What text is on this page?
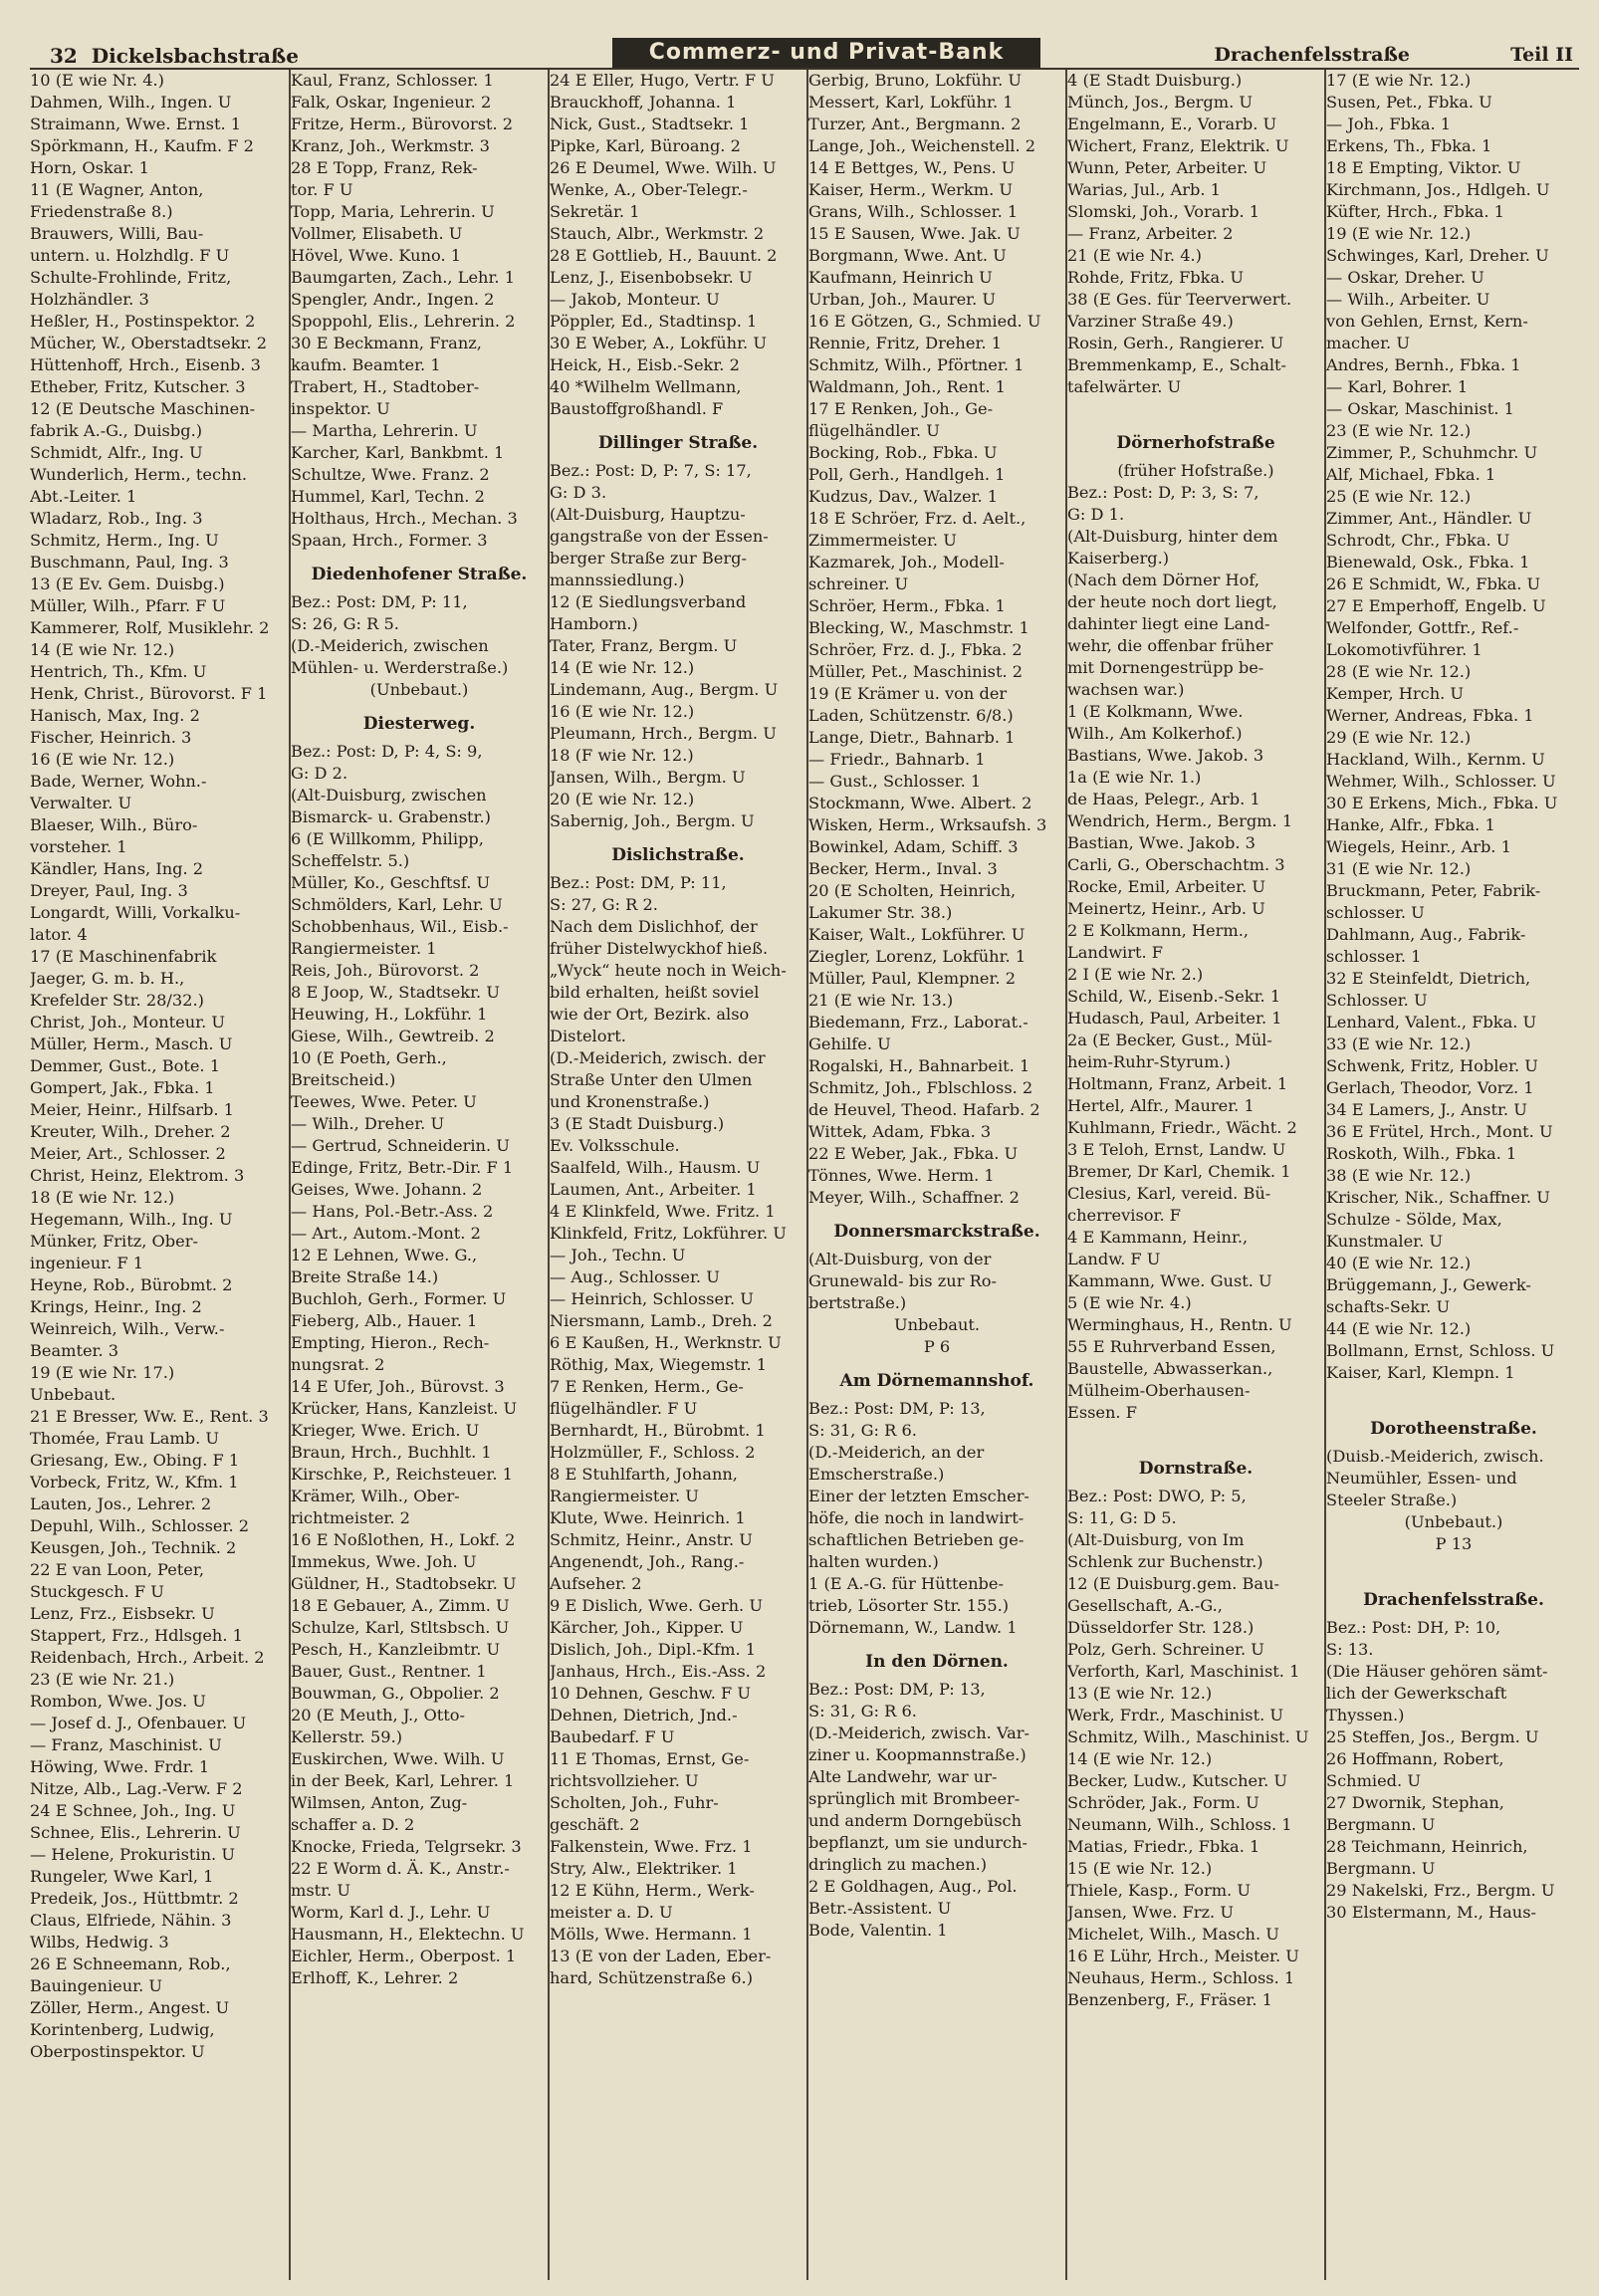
32 Dickelsbachstraße	Commerz- und Privat-Bank	Drachenfelsstraße	Teil II
10 (E wie Nr. 4.)
Dahmen, Wilh., Ingen. U
Straimann, Wwe. Ernst. 1
Spörkmann, H., Kaufm. F 2
Horn, Oskar. 1
11 (E Wagner, Anton,
Friedenstraße 8.)
Brauwers, Willi, Bau-
untern. u. Holzhdlg. F U
Schulte-Frohlinde, Fritz,
Holzhändler. 3
Heßler, H., Postinspektor. 2
Mücher, W., Oberstadtsekr. 2
Hüttenhoff, Hrch., Eisenb. 3
Etheber, Fritz, Kutscher. 3
12 (E Deutsche Maschinen-
fabrik A.-G., Duisbg.)
Schmidt, Alfr., Ing. U
Wunderlich, Herm., techn.
Abt.-Leiter. 1
Wladarz, Rob., Ing. 3
Schmitz, Herm., Ing. U
Buschmann, Paul, Ing. 3
13 (E Ev. Gem. Duisbg.)
Müller, Wilh., Pfarr. F U
Kammerer, Rolf, Musiklehr. 2
14 (E wie Nr. 12.)
Hentrich, Th., Kfm. U
Henk, Christ., Bürovorst. F 1
Hanisch, Max, Ing. 2
Fischer, Heinrich. 3
16 (E wie Nr. 12.)
Bade, Werner, Wohn.-
Verwalter. U
Blaeser, Wilh., Büro-
vorsteher. 1
Kändler, Hans, Ing. 2
Dreyer, Paul, Ing. 3
Longardt, Willi, Vorkalku-
lator. 4
17 (E Maschinenfabrik
Jaeger, G. m. b. H.,
Krefelder Str. 28/32.)
Christ, Joh., Monteur. U
Müller, Herm., Masch. U
Demmer, Gust., Bote. 1
Gompert, Jak., Fbka. 1
Meier, Heinr., Hilfsarb. 1
Kreuter, Wilh., Dreher. 2
Meier, Art., Schlosser. 2
Christ, Heinz, Elektrom. 3
18 (E wie Nr. 12.)
Hegemann, Wilh., Ing. U
Münker, Fritz, Ober-
ingenieur. F 1
Heyne, Rob., Bürobmt. 2
Krings, Heinr., Ing. 2
Weinreich, Wilh., Verw.-
Beamter. 3
19 (E wie Nr. 17.)
Unbebaut.
21 E Bresser, Ww. E., Rent. 3
Thomée, Frau Lamb. U
Griesang, Ew., Obing. F 1
Vorbeck, Fritz, W., Kfm. 1
Lauten, Jos., Lehrer. 2
Depuhl, Wilh., Schlosser. 2
Keusgen, Joh., Technik. 2
22 E van Loon, Peter,
Stuckgesch. F U
Lenz, Frz., Eisbsekr. U
Stappert, Frz., Hdlsgeh. 1
Reidenbach, Hrch., Arbeit. 2
23 (E wie Nr. 21.)
Rombon, Wwe. Jos. U
— Josef d. J., Ofenbauer. U
— Franz, Maschinist. U
Höwing, Wwe. Frdr. 1
Nitze, Alb., Lag.-Verw. F 2
24 E Schnee, Joh., Ing. U
Schnee, Elis., Lehrerin. U
— Helene, Prokuristin. U
Rungeler, Wwe Karl, 1
Predeik, Jos., Hüttbmtr. 2
Claus, Elfriede, Nähin. 3
Wilbs, Hedwig. 3
26 E Schneemann, Rob.,
Bauingenieur. U
Zöller, Herm., Angest. U
Korintenberg, Ludwig,
Oberpostinspektor. U
Kaul, Franz, Schlosser. 1
Falk, Oskar, Ingenieur. 2
Fritze, Herm., Bürovorst. 2
Kranz, Joh., Werkmstr. 3
28 E Topp, Franz, Rek-
tor. F U
Topp, Maria, Lehrerin. U
Vollmer, Elisabeth. U
Hövel, Wwe. Kuno. 1
Baumgarten, Zach., Lehr. 1
Spengler, Andr., Ingen. 2
Spoppohl, Elis., Lehrerin. 2
30 E Beckmann, Franz,
kaufm. Beamter. 1
Trabert, H., Stadtober-
inspektor. U
— Martha, Lehrerin. U
Karcher, Karl, Bankbmt. 1
Schultze, Wwe. Franz. 2
Hummel, Karl, Techn. 2
Holthaus, Hrch., Mechan. 3
Spaan, Hrch., Former. 3
Diedenhofener Straße.
Bez.: Post: DM, P: 11,
S: 26, G: R 5.
(D.-Meiderich, zwischen
Mühlen- u. Werderstraße.)
(Unbebaut.)
Diesterweg.
Bez.: Post: D, P: 4, S: 9,
G: D 2.
(Alt-Duisburg, zwischen
Bismarck- u. Grabenstr.)
6 (E Willkomm, Philipp,
Scheffelstr. 5.)
Müller, Ko., Geschftsf. U
Schmölders, Karl, Lehr. U
Schobbenhaus, Wil., Eisb.-
Rangiermeister. 1
Reis, Joh., Bürovorst. 2
8 E Joop, W., Stadtsekr. U
Heuwing, H., Lokführ. 1
Giese, Wilh., Gewtreib. 2
10 (E Poeth, Gerh.,
Breitscheid.)
Teewes, Wwe. Peter. U
— Wilh., Dreher. U
— Gertrud, Schneiderin. U
Edinge, Fritz, Betr.-Dir. F 1
Geises, Wwe. Johann. 2
— Hans, Pol.-Betr.-Ass. 2
— Art., Autom.-Mont. 2
12 E Lehnen, Wwe. G.,
Breite Straße 14.)
Buchloh, Gerh., Former. U
Fieberg, Alb., Hauer. 1
Empting, Hieron., Rech-
nungsrat. 2
14 E Ufer, Joh., Bürovst. 3
Krücker, Hans, Kanzleist. U
Krieger, Wwe. Erich. U
Braun, Hrch., Buchhlt. 1
Kirschke, P., Reichsteuer. 1
Krämer, Wilh., Ober-
richtmeister. 2
16 E Noßlothen, H., Lokf. 2
Immekus, Wwe. Joh. U
Güldner, H., Stadtobsekr. U
18 E Gebauer, A., Zimm. U
Schulze, Karl, Stltsbsch. U
Pesch, H., Kanzleibmtr. U
Bauer, Gust., Rentner. 1
Bouwman, G., Obpolier. 2
20 (E Meuth, J., Otto-
Kellerstr. 59.)
Euskirchen, Wwe. Wilh. U
in der Beek, Karl, Lehrer. 1
Wilmsen, Anton, Zug-
schaffer a. D. 2
Knocke, Frieda, Telgrsekr. 3
22 E Worm d. Ä. K., Anstr.-
mstr. U
Worm, Karl d. J., Lehr. U
Hausmann, H., Elektechn. U
Eichler, Herm., Oberpost. 1
Erlhoff, K., Lehrer. 2
24 E Eller, Hugo, Vertr. F U
Brauckhoff, Johanna. 1
Nick, Gust., Stadtsekr. 1
Pipke, Karl, Büroang. 2
26 E Deumel, Wwe. Wilh. U
Wenke, A., Ober-Telegr.-
Sekretär. 1
Stauch, Albr., Werkmstr. 2
28 E Gottlieb, H., Bauunt. 2
Lenz, J., Eisenbobsekr. U
— Jakob, Monteur. U
Pöppler, Ed., Stadtinsp. 1
30 E Weber, A., Lokführ. U
Heick, H., Eisb.-Sekr. 2
40 *Wilhelm Wellmann,
Baustoffgroßhandl. F
Dillinger Straße.
Bez.: Post: D, P: 7, S: 17,
G: D 3.
(Alt-Duisburg, Hauptzu-
gangstraße von der Essen-
berger Straße zur Berg-
mannssiedlung.)
12 (E Siedlungsverband
Hamborn.)
Tater, Franz, Bergm. U
14 (E wie Nr. 12.)
Lindemann, Aug., Bergm. U
16 (E wie Nr. 12.)
Pleumann, Hrch., Bergm. U
18 (F wie Nr. 12.)
Jansen, Wilh., Bergm. U
20 (E wie Nr. 12.)
Sabernig, Joh., Bergm. U
Dislichstraße.
Bez.: Post: DM, P: 11,
S: 27, G: R 2.
Nach dem Dislichhof, der
früher Distelwyckhof hieß.
„Wyck“ heute noch in Weich-
bild erhalten, heißt soviel
wie der Ort, Bezirk. also
Distelort.
(D.-Meiderich, zwisch. der
Straße Unter den Ulmen
und Kronenstraße.)
3 (E Stadt Duisburg.)
Ev. Volksschule.
Saalfeld, Wilh., Hausm. U
Laumen, Ant., Arbeiter. 1
4 E Klinkfeld, Wwe. Fritz. 1
Klinkfeld, Fritz, Lokführer. U
— Joh., Techn. U
— Aug., Schlosser. U
— Heinrich, Schlosser. U
Niersmann, Lamb., Dreh. 2
6 E Kaußen, H., Werknstr. U
Röthig, Max, Wiegemstr. 1
7 E Renken, Herm., Ge-
flügelhändler. F U
Bernhardt, H., Bürobmt. 1
Holzmüller, F., Schloss. 2
8 E Stuhlfarth, Johann,
Rangiermeister. U
Klute, Wwe. Heinrich. 1
Schmitz, Heinr., Anstr. U
Angenendt, Joh., Rang.-
Aufseher. 2
9 E Dislich, Wwe. Gerh. U
Kärcher, Joh., Kipper. U
Dislich, Joh., Dipl.-Kfm. 1
Janhaus, Hrch., Eis.-Ass. 2
10 Dehnen, Geschw. F U
Dehnen, Dietrich, Jnd.-
Baubedarf. F U
11 E Thomas, Ernst, Ge-
richtsvollzieher. U
Scholten, Joh., Fuhr-
geschäft. 2
Falkenstein, Wwe. Frz. 1
Stry, Alw., Elektriker. 1
12 E Kühn, Herm., Werk-
meister a. D. U
Mölls, Wwe. Hermann. 1
13 (E von der Laden, Eber-
hard, Schützenstraße 6.)
Gerbig, Bruno, Lokführ. U
Messert, Karl, Lokführ. 1
Turzer, Ant., Bergmann. 2
Lange, Joh., Weichenstell. 2
14 E Bettges, W., Pens. U
Kaiser, Herm., Werkm. U
Grans, Wilh., Schlosser. 1
15 E Sausen, Wwe. Jak. U
Borgmann, Wwe. Ant. U
Kaufmann, Heinrich U
Urban, Joh., Maurer. U
16 E Götzen, G., Schmied. U
Rennie, Fritz, Dreher. 1
Schmitz, Wilh., Pförtner. 1
Waldmann, Joh., Rent. 1
17 E Renken, Joh., Ge-
flügelhändler. U
Bocking, Rob., Fbka. U
Poll, Gerh., Handlgeh. 1
Kudzus, Dav., Walzer. 1
18 E Schröer, Frz. d. Aelt.,
Zimmermeister. U
Kazmarek, Joh., Modell-
schreiner. U
Schröer, Herm., Fbka. 1
Blecking, W., Maschmstr. 1
Schröer, Frz. d. J., Fbka. 2
Müller, Pet., Maschinist. 2
19 (E Krämer u. von der
Laden, Schützenstr. 6/8.)
Lange, Dietr., Bahnarb. 1
— Friedr., Bahnarb. 1
— Gust., Schlosser. 1
Stockmann, Wwe. Albert. 2
Wisken, Herm., Wrksaufsh. 3
Bowinkel, Adam, Schiff. 3
Becker, Herm., Inval. 3
20 (E Scholten, Heinrich,
Lakumer Str. 38.)
Kaiser, Walt., Lokführer. U
Ziegler, Lorenz, Lokführ. 1
Müller, Paul, Klempner. 2
21 (E wie Nr. 13.)
Biedemann, Frz., Laborat.-
Gehilfe. U
Rogalski, H., Bahnarbeit. 1
Schmitz, Joh., Fblschloss. 2
de Heuvel, Theod. Hafarb. 2
Wittek, Adam, Fbka. 3
22 E Weber, Jak., Fbka. U
Tönnes, Wwe. Herm. 1
Meyer, Wilh., Schaffner. 2
Donnersmarckstraße.
(Alt-Duisburg, von der
Grunewald- bis zur Ro-
bertstraße.)
Unbebaut.
P 6
Am Dörnemannshof.
Bez.: Post: DM, P: 13,
S: 31, G: R 6.
(D.-Meiderich, an der
Emscherstraße.)
Einer der letzten Emscher-
höfe, die noch in landwirt-
schaftlichen Betrieben ge-
halten wurden.)
1 (E A.-G. für Hüttenbe-
trieb, Lösorter Str. 155.)
Dörnemann, W., Landw. 1
In den Dörnen.
Bez.: Post: DM, P: 13,
S: 31, G: R 6.
(D.-Meiderich, zwisch. Var-
ziner u. Koopmannstraße.)
Alte Landwehr, war ur-
sprünglich mit Brombeer-
und anderm Dorngebüsch
bepflanzt, um sie undurch-
dringlich zu machen.)
2 E Goldhagen, Aug., Pol.
Betr.-Assistent. U
Bode, Valentin. 1
4 (E Stadt Duisburg.)
Münch, Jos., Bergm. U
Engelmann, E., Vorarb. U
Wichert, Franz, Elektrik. U
Wunn, Peter, Arbeiter. U
Warias, Jul., Arb. 1
Slomski, Joh., Vorarb. 1
— Franz, Arbeiter. 2
21 (E wie Nr. 4.)
Rohde, Fritz, Fbka. U
38 (E Ges. für Teerverwert.
Varziner Straße 49.)
Rosin, Gerh., Rangierer. U
Bremmenkamp, E., Schalt-
tafelwärter. U
Dörnerhofstraße
(früher Hofstraße.)
Bez.: Post: D, P: 3, S: 7,
G: D 1.
(Alt-Duisburg, hinter dem
Kaiserberg.)
(Nach dem Dörner Hof,
der heute noch dort liegt,
dahinter liegt eine Land-
wehr, die offenbar früher
mit Dornengestrüpp be-
wachsen war.)
1 (E Kolkmann, Wwe.
Wilh., Am Kolkerhof.)
Bastians, Wwe. Jakob. 3
1a (E wie Nr. 1.)
de Haas, Pelegr., Arb. 1
Wendrich, Herm., Bergm. 1
Bastian, Wwe. Jakob. 3
Carli, G., Oberschachtm. 3
Rocke, Emil, Arbeiter. U
Meinertz, Heinr., Arb. U
2 E Kolkmann, Herm.,
Landwirt. F
2 I (E wie Nr. 2.)
Schild, W., Eisenb.-Sekr. 1
Hudasch, Paul, Arbeiter. 1
2a (E Becker, Gust., Mül-
heim-Ruhr-Styrum.)
Holtmann, Franz, Arbeit. 1
Hertel, Alfr., Maurer. 1
Kuhlmann, Friedr., Wächt. 2
3 E Teloh, Ernst, Landw. U
Bremer, Dr Karl, Chemik. 1
Clesius, Karl, vereid. Bü-
cherrevisor. F
4 E Kammann, Heinr.,
Landw. F U
Kammann, Wwe. Gust. U
5 (E wie Nr. 4.)
Werminghaus, H., Rentn. U
55 E Ruhrverband Essen,
Baustelle, Abwasserkan.,
Mülheim-Oberhausen-
Essen. F
Dornstraße.
Bez.: Post: DWO, P: 5,
S: 11, G: D 5.
(Alt-Duisburg, von Im
Schlenk zur Buchenstr.)
12 (E Duisburg.gem. Bau-
Gesellschaft, A.-G.,
Düsseldorfer Str. 128.)
Polz, Gerh. Schreiner. U
Verforth, Karl, Maschinist. 1
13 (E wie Nr. 12.)
Werk, Frdr., Maschinist. U
Schmitz, Wilh., Maschinist. U
14 (E wie Nr. 12.)
Becker, Ludw., Kutscher. U
Schröder, Jak., Form. U
Neumann, Wilh., Schloss. 1
Matias, Friedr., Fbka. 1
15 (E wie Nr. 12.)
Thiele, Kasp., Form. U
Jansen, Wwe. Frz. U
Michelet, Wilh., Masch. U
16 E Lühr, Hrch., Meister. U
Neuhaus, Herm., Schloss. 1
Benzenberg, F., Fräser. 1
17 (E wie Nr. 12.)
Susen, Pet., Fbka. U
— Joh., Fbka. 1
Erkens, Th., Fbka. 1
18 E Empting, Viktor. U
Kirchmann, Jos., Hdlgeh. U
Küfter, Hrch., Fbka. 1
19 (E wie Nr. 12.)
Schwinges, Karl, Dreher. U
— Oskar, Dreher. U
— Wilh., Arbeiter. U
von Gehlen, Ernst, Kern-
macher. U
Andres, Bernh., Fbka. 1
— Karl, Bohrer. 1
— Oskar, Maschinist. 1
23 (E wie Nr. 12.)
Zimmer, P., Schuhmchr. U
Alf, Michael, Fbka. 1
25 (E wie Nr. 12.)
Zimmer, Ant., Händler. U
Schrodt, Chr., Fbka. U
Bienewald, Osk., Fbka. 1
26 E Schmidt, W., Fbka. U
27 E Emperhoff, Engelb. U
Welfonder, Gottfr., Ref.-
Lokomotivführer. 1
28 (E wie Nr. 12.)
Kemper, Hrch. U
Werner, Andreas, Fbka. 1
29 (E wie Nr. 12.)
Hackland, Wilh., Kernm. U
Wehmer, Wilh., Schlosser. U
30 E Erkens, Mich., Fbka. U
Hanke, Alfr., Fbka. 1
Wiegels, Heinr., Arb. 1
31 (E wie Nr. 12.)
Bruckmann, Peter, Fabrik-
schlosser. U
Dahlmann, Aug., Fabrik-
schlosser. 1
32 E Steinfeldt, Dietrich,
Schlosser. U
Lenhard, Valent., Fbka. U
33 (E wie Nr. 12.)
Schwenk, Fritz, Hobler. U
Gerlach, Theodor, Vorz. 1
34 E Lamers, J., Anstr. U
36 E Frütel, Hrch., Mont. U
Roskoth, Wilh., Fbka. 1
38 (E wie Nr. 12.)
Krischer, Nik., Schaffner. U
Schulze - Sölde, Max,
Kunstmaler. U
40 (E wie Nr. 12.)
Brüggemann, J., Gewerk-
schafts-Sekr. U
44 (E wie Nr. 12.)
Bollmann, Ernst, Schloss. U
Kaiser, Karl, Klempn. 1
Dorotheenstraße.
(Duisb.-Meiderich, zwisch.
Neumühler, Essen- und
Steeler Straße.)
(Unbebaut.)
P 13
Drachenfelsstraße.
Bez.: Post: DH, P: 10,
S: 13.
(Die Häuser gehören sämt-
lich der Gewerkschaft
Thyssen.)
25 Steffen, Jos., Bergm. U
26 Hoffmann, Robert,
Schmied. U
27 Dwornik, Stephan,
Bergmann. U
28 Teichmann, Heinrich,
Bergmann. U
29 Nakelski, Frz., Bergm. U
30 Elstermann, M., Haus-
